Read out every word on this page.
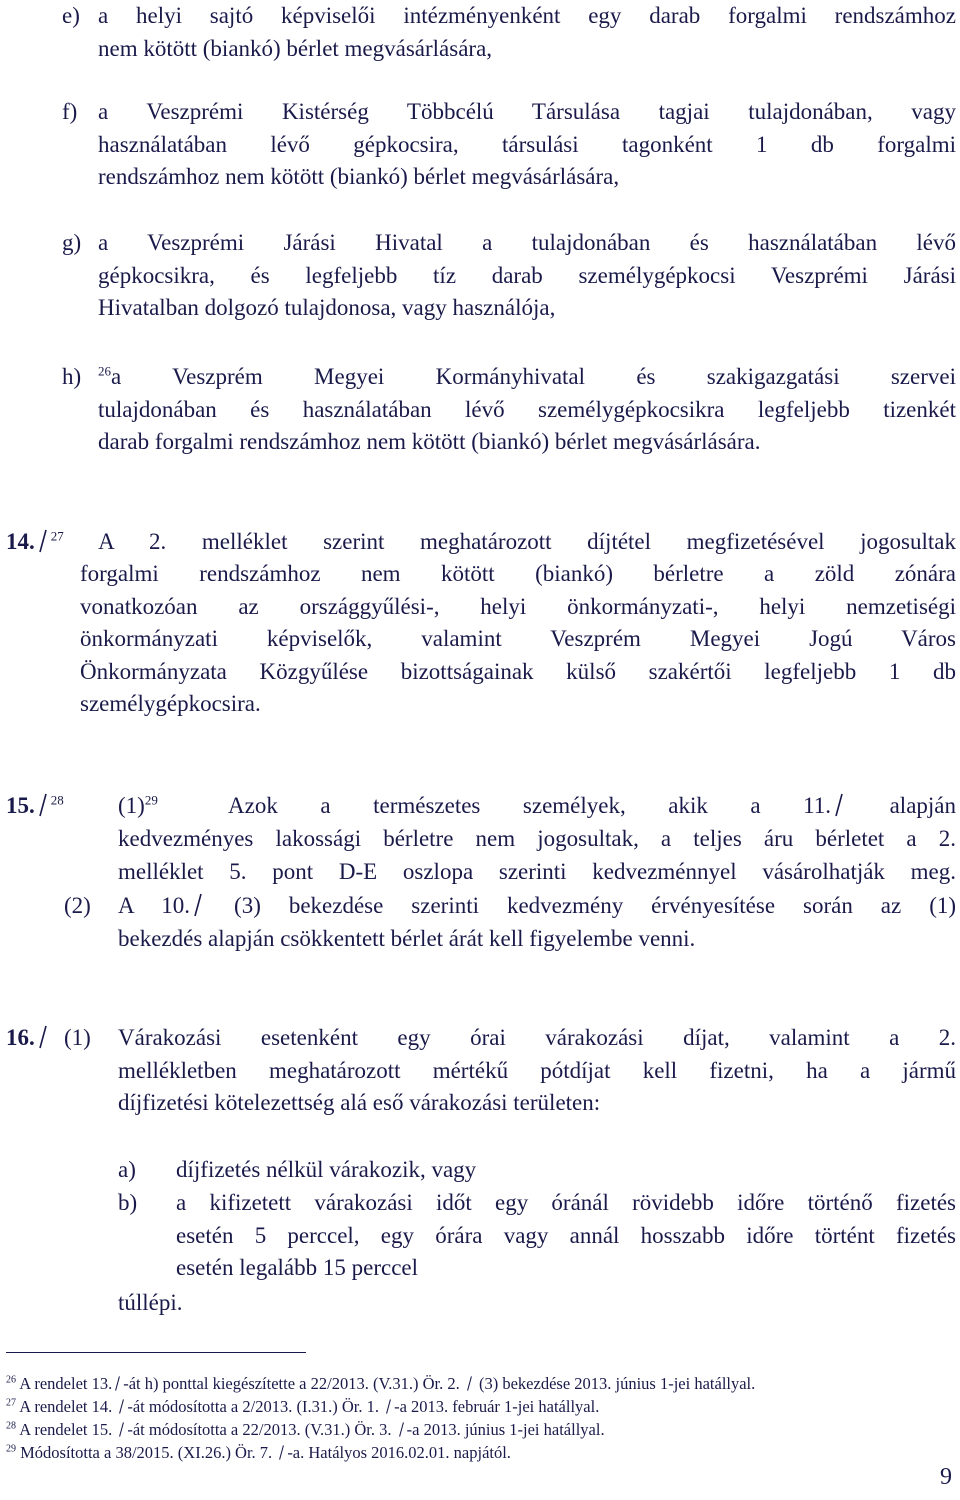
e) a helyi sajtó képviselői intézményenként egy darab forgalmi rendszámhoz
nem kötött (biankó) bérlet megvásárlására,
f) a Veszprémi Kistérség Többcélú Társulása tagjai tulajdonában, vagy
használatában lévő gépkocsira, társulási tagonként 1 db forgalmi
rendszámhoz nem kötött (biankó) bérlet megvásárlására,
g) a Veszprémi Járási Hivatal a tulajdonában és használatában lévő
gépkocsikra, és legfeljebb tíz darab személygépkocsi Veszprémi Járási
Hivatalban dolgozó tulajdonosa, vagy használója,
h) $^{26}$a Veszprém Megyei Kormányhivatal és szakigazgatási szervei
tulajdonában és használatában lévő személygépkocsikra legfeljebb tizenkét
darab forgalmi rendszámhoz nem kötött (biankó) bérlet megvásárlására.
14. $^{27}$ A 2. melléklet szerint meghatározott díjtétel megfizetésével jogosultak
forgalmi rendszámhoz nem kötött (biankó) bérletre a zöld zónára
vonatkozóan az országgyűlési-, helyi önkormányzati-, helyi nemzetiségi
önkormányzati képviselők, valamint Veszprém Megyei Jogú Város
Önkormányzata Közgyűlése bizottságainak külső szakértői legfeljebb 1 db
személygépkocsira.
15. $^{28}$ $(1)^{29}$	Azok a természetes személyek, akik a 11.	alapján
kedvezményes lakossági bérletre nem jogosultak, a teljes áru bérletet a 2.
melléklet 5. pont D-E oszlopa szerinti kedvezménnyel vásárolhatják meg.
(2) A 10. (3) bekezdése szerinti kedvezmény érvényesítése során az (1)
bekezdés alapján csökkentett bérlet árát kell figyelembe venni.
16.	(1) Várakozási esetenként egy órai várakozási díjat, valamint a 2.
mellékletben meghatározott mértékű pótdíjat kell fizetni, ha a jármű
díjfizetési kötelezettség alá eső várakozási területen:
a) díjfizetés nélkül várakozik, vagy
b) a kifizetett várakozási időt egy óránál rövidebb időre történő fizetés
esetén 5 perccel, egy órára vagy annál hosszabb időre történt fizetés
esetén legalább 15 perccel
túllépi.
$^{26}$ A rendelet 13. -át h) ponttal kiegészítette a 22/2013. (V.31.) Ör. 2. (3) bekezdése 2013. június 1-jei hatállyal.
$^{27}$ A rendelet 14. -át módosította a 2/2013. (I.31.) Ör. 1. -a 2013. február 1-jei hatállyal.
$^{28}$ A rendelet 15. -át módosította a 22/2013. (V.31.) Ör. 3. -a 2013. június 1-jei hatállyal.
$^{29}$ Módosította a 38/2015. (XI.26.) Ör. 7. -a. Hatályos 2016.02.01. napjától.
9
